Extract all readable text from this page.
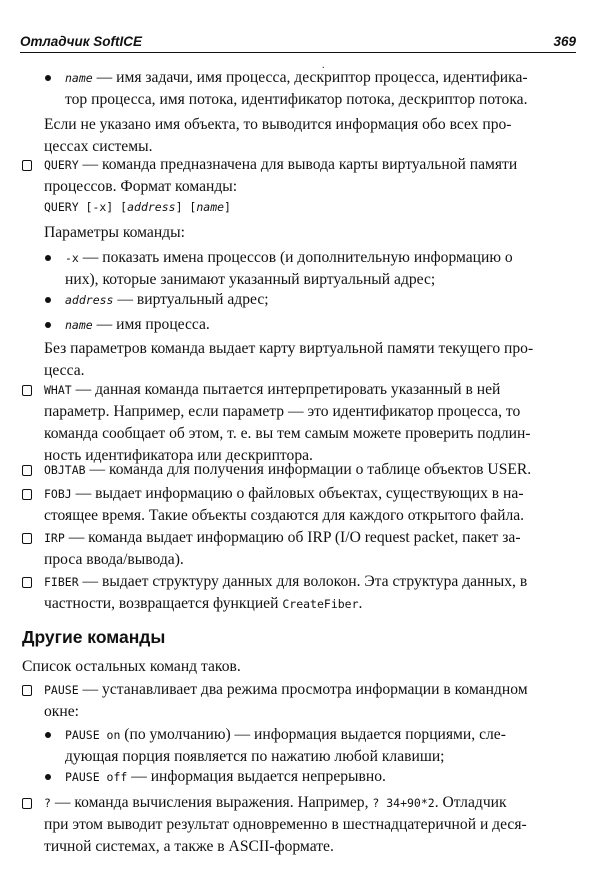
Отладчик SoftICE	369
.
name — имя задачи, имя процесса, дескриптор процесса, идентифика-
тор процесса, имя потока, идентификатор потока, дескриптор потока.
Если не указано имя объекта, то выводится информация обо всех про-
цессах системы.
QUERY — команда предназначена для вывода карты виртуальной памяти
процессов. Формат команды:
QUERY [-x] [address] [name]
Параметры команды:
-x — показать имена процессов (и дополнительную информацию о
них), которые занимают указанный виртуальный адрес;
address — виртуальный адрес;
name — имя процесса.
Без параметров команда выдает карту виртуальной памяти текущего про-
цесса.
WHAT — данная команда пытается интерпретировать указанный в ней
параметр. Например, если параметр — это идентификатор процесса, то
команда сообщает об этом, т. е. вы тем самым можете проверить подлин-
ность идентификатора или дескриптора.
OBJTAB — команда для получения информации о таблице объектов USER.
FOBJ — выдает информацию о файловых объектах, существующих в на-
стоящее время. Такие объекты создаются для каждого открытого файла.
IRP — команда выдает информацию об IRP (I/O request packet, пакет за-
проса ввода/вывода).
FIBER — выдает структуру данных для волокон. Эта структура данных, в
частности, возвращается функцией CreateFiber.
Другие команды
Список остальных команд таков.
PAUSE — устанавливает два режима просмотра информации в командном
окне:
PAUSE on (по умолчанию) — информация выдается порциями, сле-
дующая порция появляется по нажатию любой клавиши;
PAUSE off — информация выдается непрерывно.
? — команда вычисления выражения. Например, ? 34+90*2. Отладчик
при этом выводит результат одновременно в шестнадцатеричной и деся-
тичной системах, а также в ASCII-формате.
